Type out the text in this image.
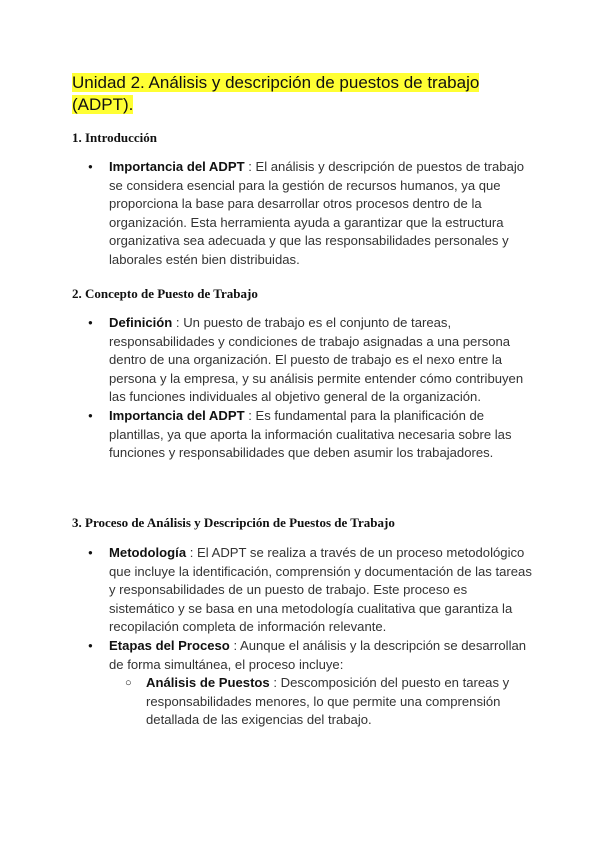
Unidad 2. Análisis y descripción de puestos de trabajo (ADPT).
1. Introducción
● Importancia del ADPT : El análisis y descripción de puestos de trabajo se considera esencial para la gestión de recursos humanos, ya que proporciona la base para desarrollar otros procesos dentro de la organización. Esta herramienta ayuda a garantizar que la estructura organizativa sea adecuada y que las responsabilidades personales y laborales estén bien distribuidas.
2. Concepto de Puesto de Trabajo
● Definición : Un puesto de trabajo es el conjunto de tareas, responsabilidades y condiciones de trabajo asignadas a una persona dentro de una organización. El puesto de trabajo es el nexo entre la persona y la empresa, y su análisis permite entender cómo contribuyen las funciones individuales al objetivo general de la organización.
● Importancia del ADPT : Es fundamental para la planificación de plantillas, ya que aporta la información cualitativa necesaria sobre las funciones y responsabilidades que deben asumir los trabajadores.
3. Proceso de Análisis y Descripción de Puestos de Trabajo
● Metodología : El ADPT se realiza a través de un proceso metodológico que incluye la identificación, comprensión y documentación de las tareas y responsabilidades de un puesto de trabajo. Este proceso es sistemático y se basa en una metodología cualitativa que garantiza la recopilación completa de información relevante.
● Etapas del Proceso : Aunque el análisis y la descripción se desarrollan de forma simultánea, el proceso incluye:
○ Análisis de Puestos : Descomposición del puesto en tareas y responsabilidades menores, lo que permite una comprensión detallada de las exigencias del trabajo.
